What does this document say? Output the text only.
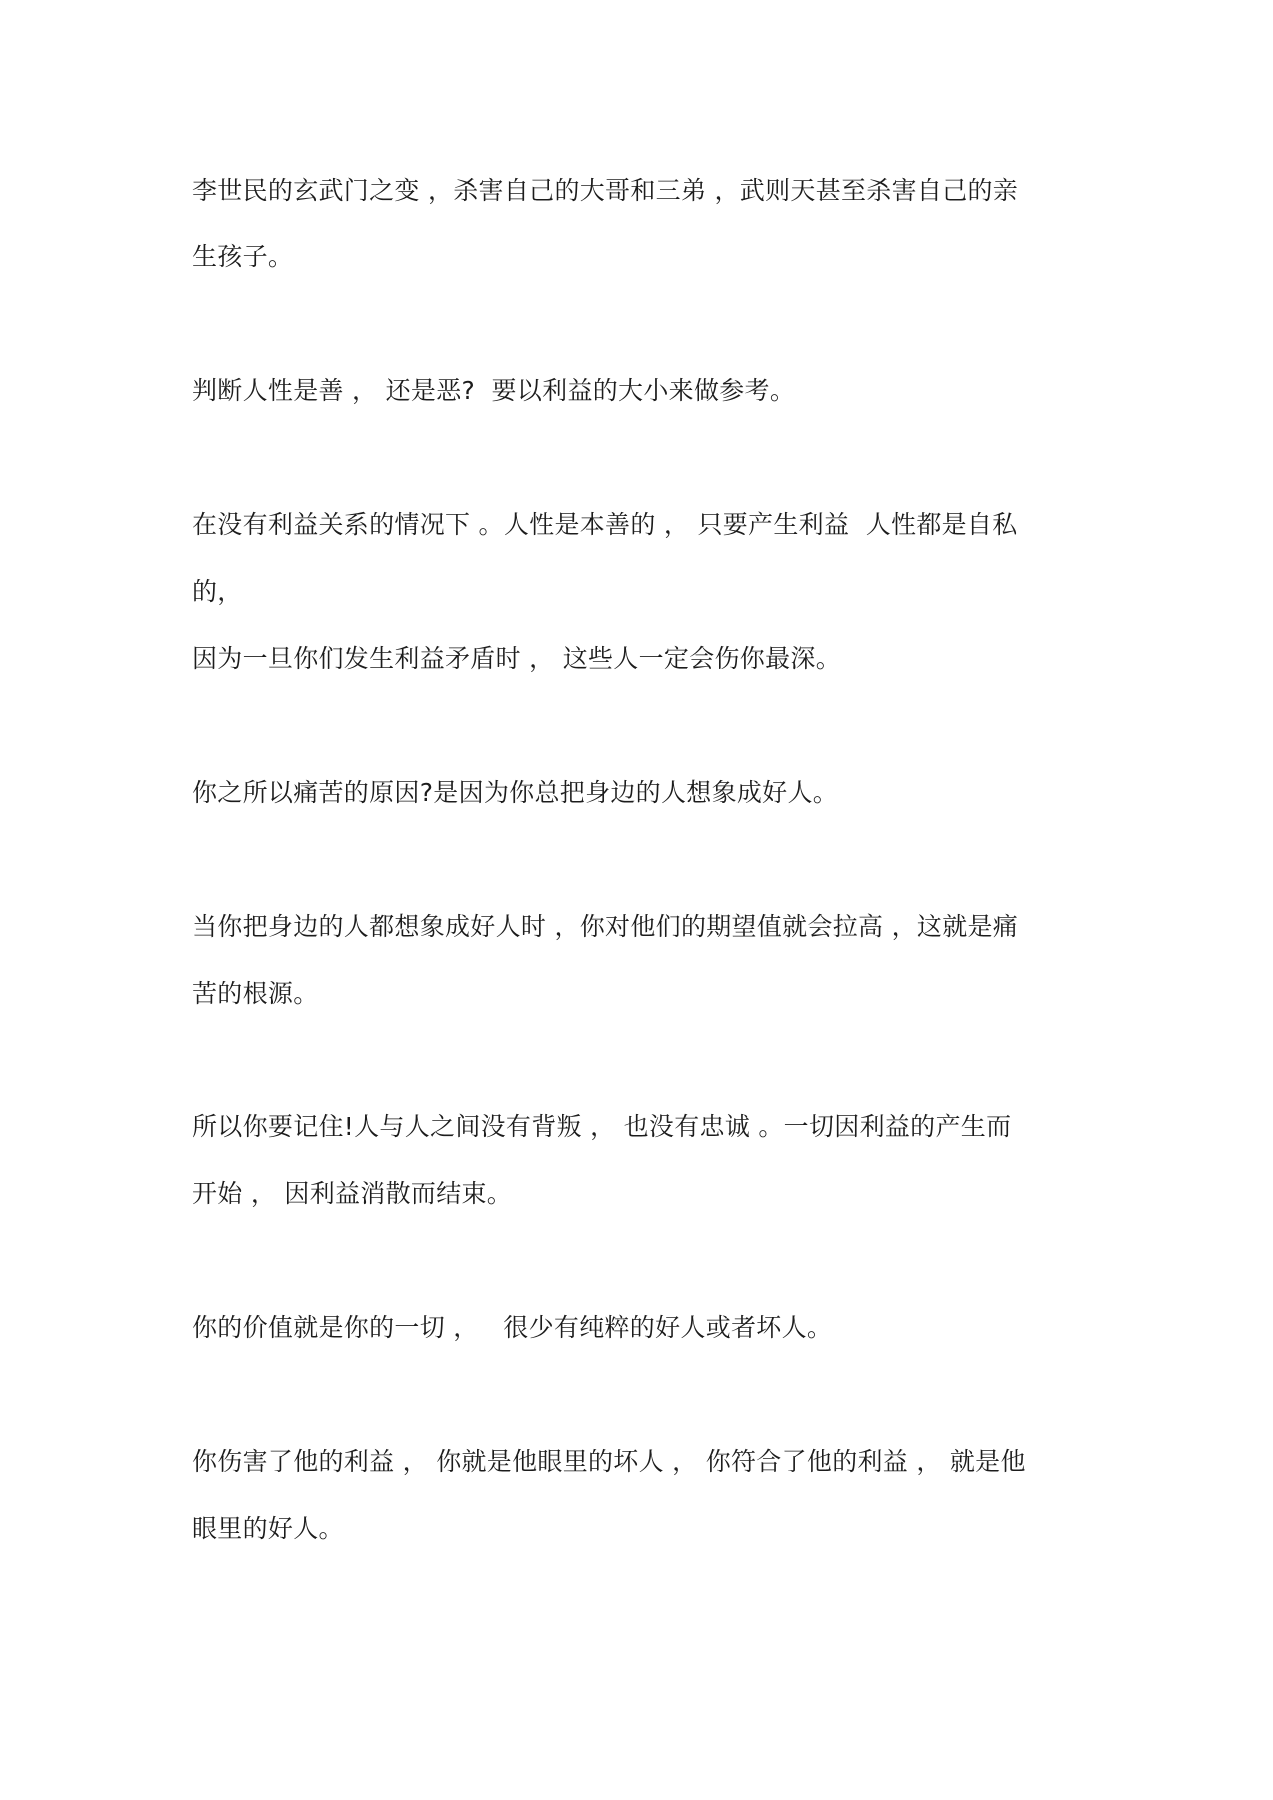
李世民的玄武门之变 ，杀害自己的大哥和三弟 ，武则天甚至杀害自己的亲
生孩子。
判断人性是善 ， 还是恶?  要以利益的大小来做参考。
在没有利益关系的情况下 。人性是本善的 ， 只要产生利益  人性都是自私
的，
因为一旦你们发生利益矛盾时 ， 这些人一定会伤你最深。
你之所以痛苦的原因?是因为你总把身边的人想象成好人。
当你把身边的人都想象成好人时 ，你对他们的期望值就会拉高 ，这就是痛
苦的根源。
所以你要记住!人与人之间没有背叛 ， 也没有忠诚 。一切因利益的产生而
开始 ， 因利益消散而结束。
你的价值就是你的一切 ，   很少有纯粹的好人或者坏人。
你伤害了他的利益 ， 你就是他眼里的坏人 ， 你符合了他的利益 ， 就是他
眼里的好人。
